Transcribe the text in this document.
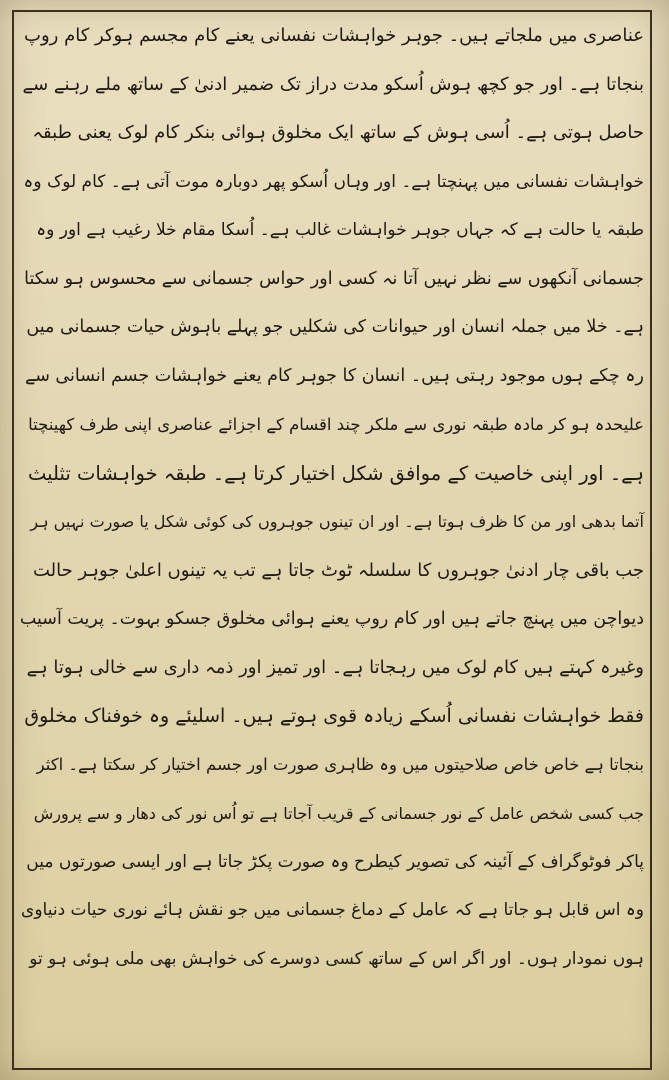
عناصری میں ملجاتے ہیں۔ جوہر خواہشات نفسانی یعنے کام مجسم ہوکر کام روپ
بنجاتا ہے۔ اور جو کچھ ہوش اُسکو مدت دراز تک ضمیر ادنیٰ کے ساتھ ملے رہنے سے
حاصل ہوتی ہے۔ اُسی ہوش کے ساتھ ایک مخلوق ہوائی بنکر کام لوک یعنی طبقہ
خواہشات نفسانی میں پہنچتا ہے۔ اور وہاں اُسکو پھر دوبارہ موت آتی ہے۔ کام لوک وہ
طبقہ یا حالت ہے کہ جہاں جوہر خواہشات غالب ہے۔ اُسکا مقام خلا رغیب ہے اور وہ
جسمانی آنکھوں سے نظر نہیں آتا نہ کسی اور حواس جسمانی سے محسوس ہو سکتا
ہے۔ خلا میں جملہ انسان اور حیوانات کی شکلیں جو پہلے باہوش حیات جسمانی میں
رہ چکے ہوں موجود رہتی ہیں۔ انسان کا جوہر کام یعنے خواہشات جسم انسانی سے
علیحدہ ہو کر مادہ طبقہ نوری سے ملکر چند اقسام کے اجزائے عناصری اپنی طرف کھینچتا
ہے۔ اور اپنی خاصیت کے موافق شکل اختیار کرتا ہے۔ طبقہ خواہشات تثلیث
آتما بدھی اور من کا ظرف ہوتا ہے۔ اور ان تینوں جوہروں کی کوئی شکل یا صورت نہیں ہر
جب باقی چار ادنیٰ جوہروں کا سلسلہ ٹوٹ جاتا ہے تب یہ تینوں اعلیٰ جوہر حالت
دیواچن میں پہنچ جاتے ہیں اور کام روپ یعنے ہوائی مخلوق جسکو بہوت۔ پریت آسیب
وغیرہ کہتے ہیں کام لوک میں رہجاتا ہے۔ اور تمیز اور ذمہ داری سے خالی ہوتا ہے
فقط خواہشات نفسانی اُسکے زیادہ قوی ہوتے ہیں۔ اسلیئے وہ خوفناک مخلوق
بنجاتا ہے خاص خاص صلاحیتوں میں وہ ظاہری صورت اور جسم اختیار کر سکتا ہے۔ اکثر
جب کسی شخص عامل کے نور جسمانی کے قریب آجاتا ہے تو اُس نور کی دھار و سے پرورش
پاکر فوٹوگراف کے آئینہ کی تصویر کیطرح وہ صورت پکڑ جاتا ہے اور ایسی صورتوں میں
وہ اس قابل ہو جاتا ہے کہ عامل کے دماغ جسمانی میں جو نقش ہائے نوری حیات دنیاوی
ہوں نمودار ہوں۔ اور اگر اس کے ساتھ کسی دوسرے کی خواہش بھی ملی ہوئی ہو تو
